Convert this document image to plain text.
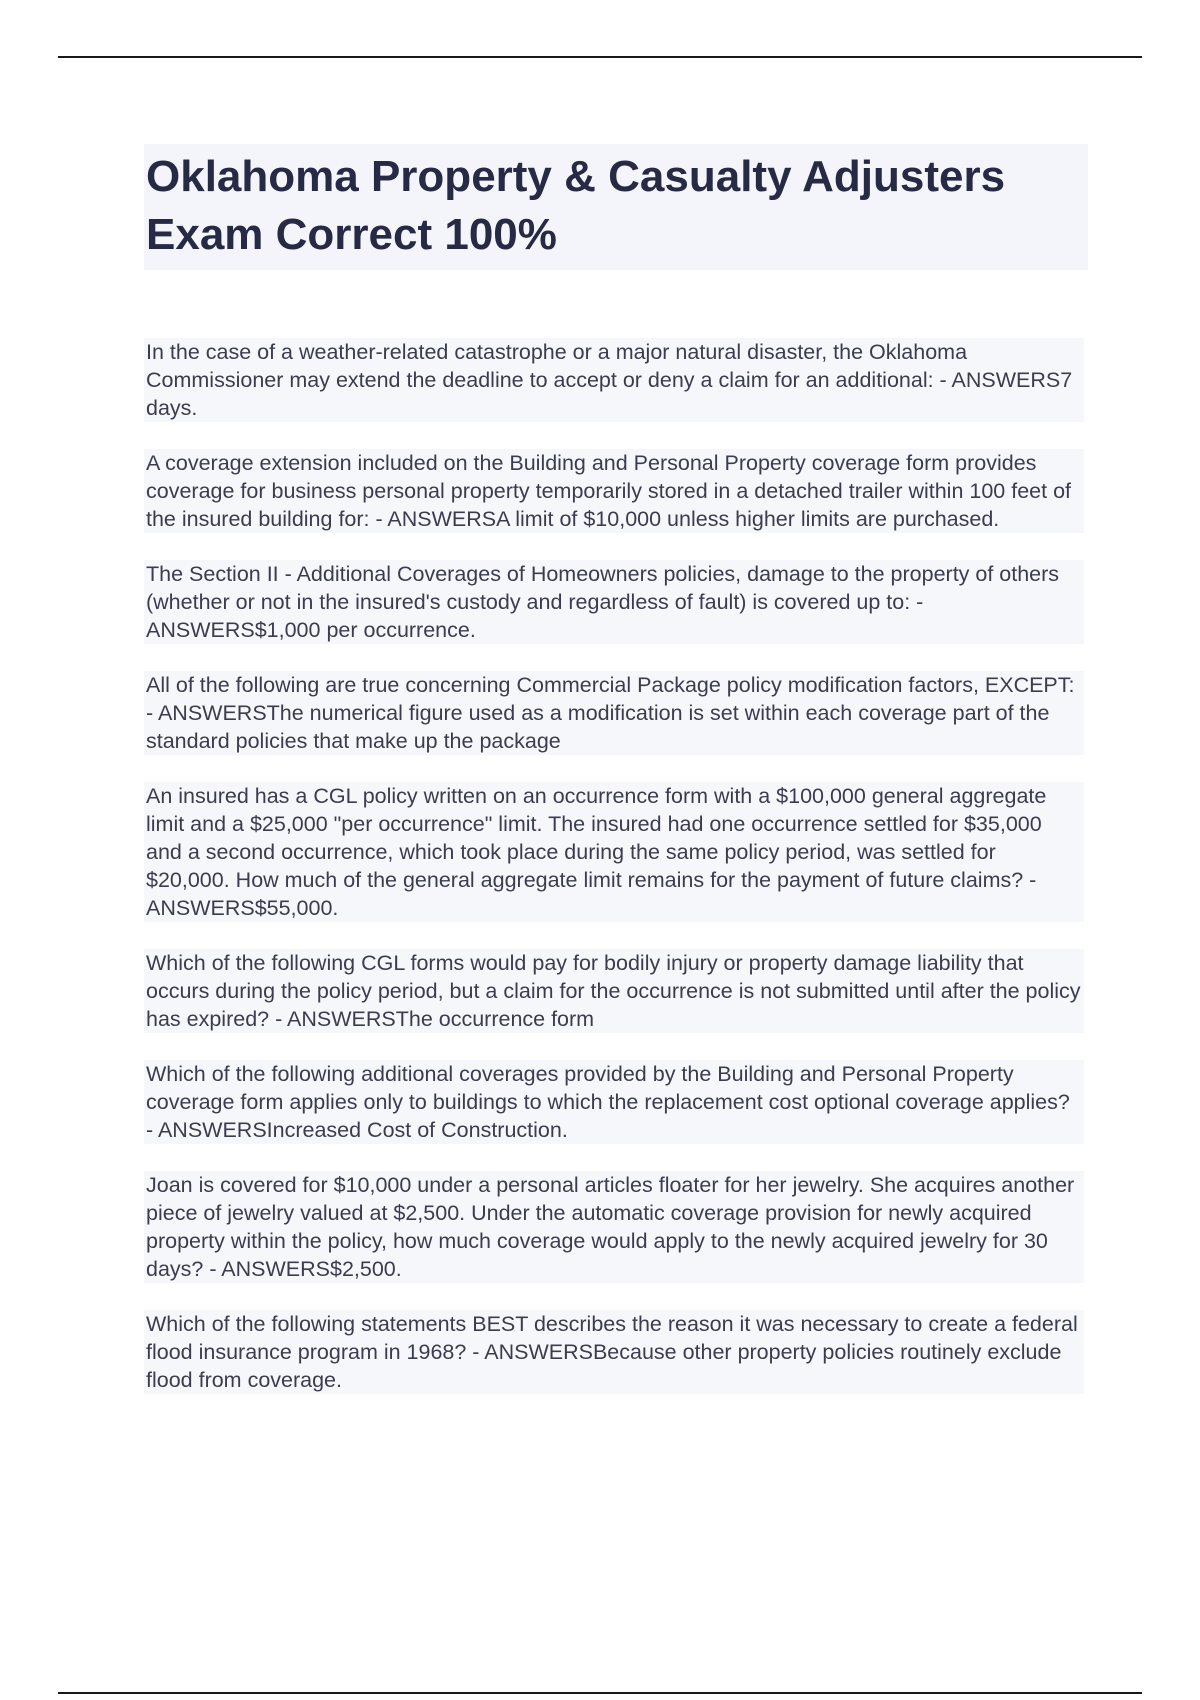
Oklahoma Property & Casualty Adjusters Exam Correct 100%

In the case of a weather-related catastrophe or a major natural disaster, the Oklahoma Commissioner may extend the deadline to accept or deny a claim for an additional: - ANSWERS7 days.

A coverage extension included on the Building and Personal Property coverage form provides coverage for business personal property temporarily stored in a detached trailer within 100 feet of the insured building for: - ANSWERSA limit of $10,000 unless higher limits are purchased.

The Section II - Additional Coverages of Homeowners policies, damage to the property of others (whether or not in the insured's custody and regardless of fault) is covered up to: - ANSWERS$1,000 per occurrence.

All of the following are true concerning Commercial Package policy modification factors, EXCEPT: - ANSWERSThe numerical figure used as a modification is set within each coverage part of the standard policies that make up the package

An insured has a CGL policy written on an occurrence form with a $100,000 general aggregate limit and a $25,000 "per occurrence" limit. The insured had one occurrence settled for $35,000 and a second occurrence, which took place during the same policy period, was settled for $20,000. How much of the general aggregate limit remains for the payment of future claims? - ANSWERS$55,000.

Which of the following CGL forms would pay for bodily injury or property damage liability that occurs during the policy period, but a claim for the occurrence is not submitted until after the policy has expired? - ANSWERSThe occurrence form

Which of the following additional coverages provided by the Building and Personal Property coverage form applies only to buildings to which the replacement cost optional coverage applies? - ANSWERSIncreased Cost of Construction.

Joan is covered for $10,000 under a personal articles floater for her jewelry. She acquires another piece of jewelry valued at $2,500. Under the automatic coverage provision for newly acquired property within the policy, how much coverage would apply to the newly acquired jewelry for 30 days? - ANSWERS$2,500.

Which of the following statements BEST describes the reason it was necessary to create a federal flood insurance program in 1968? - ANSWERSBecause other property policies routinely exclude flood from coverage.
